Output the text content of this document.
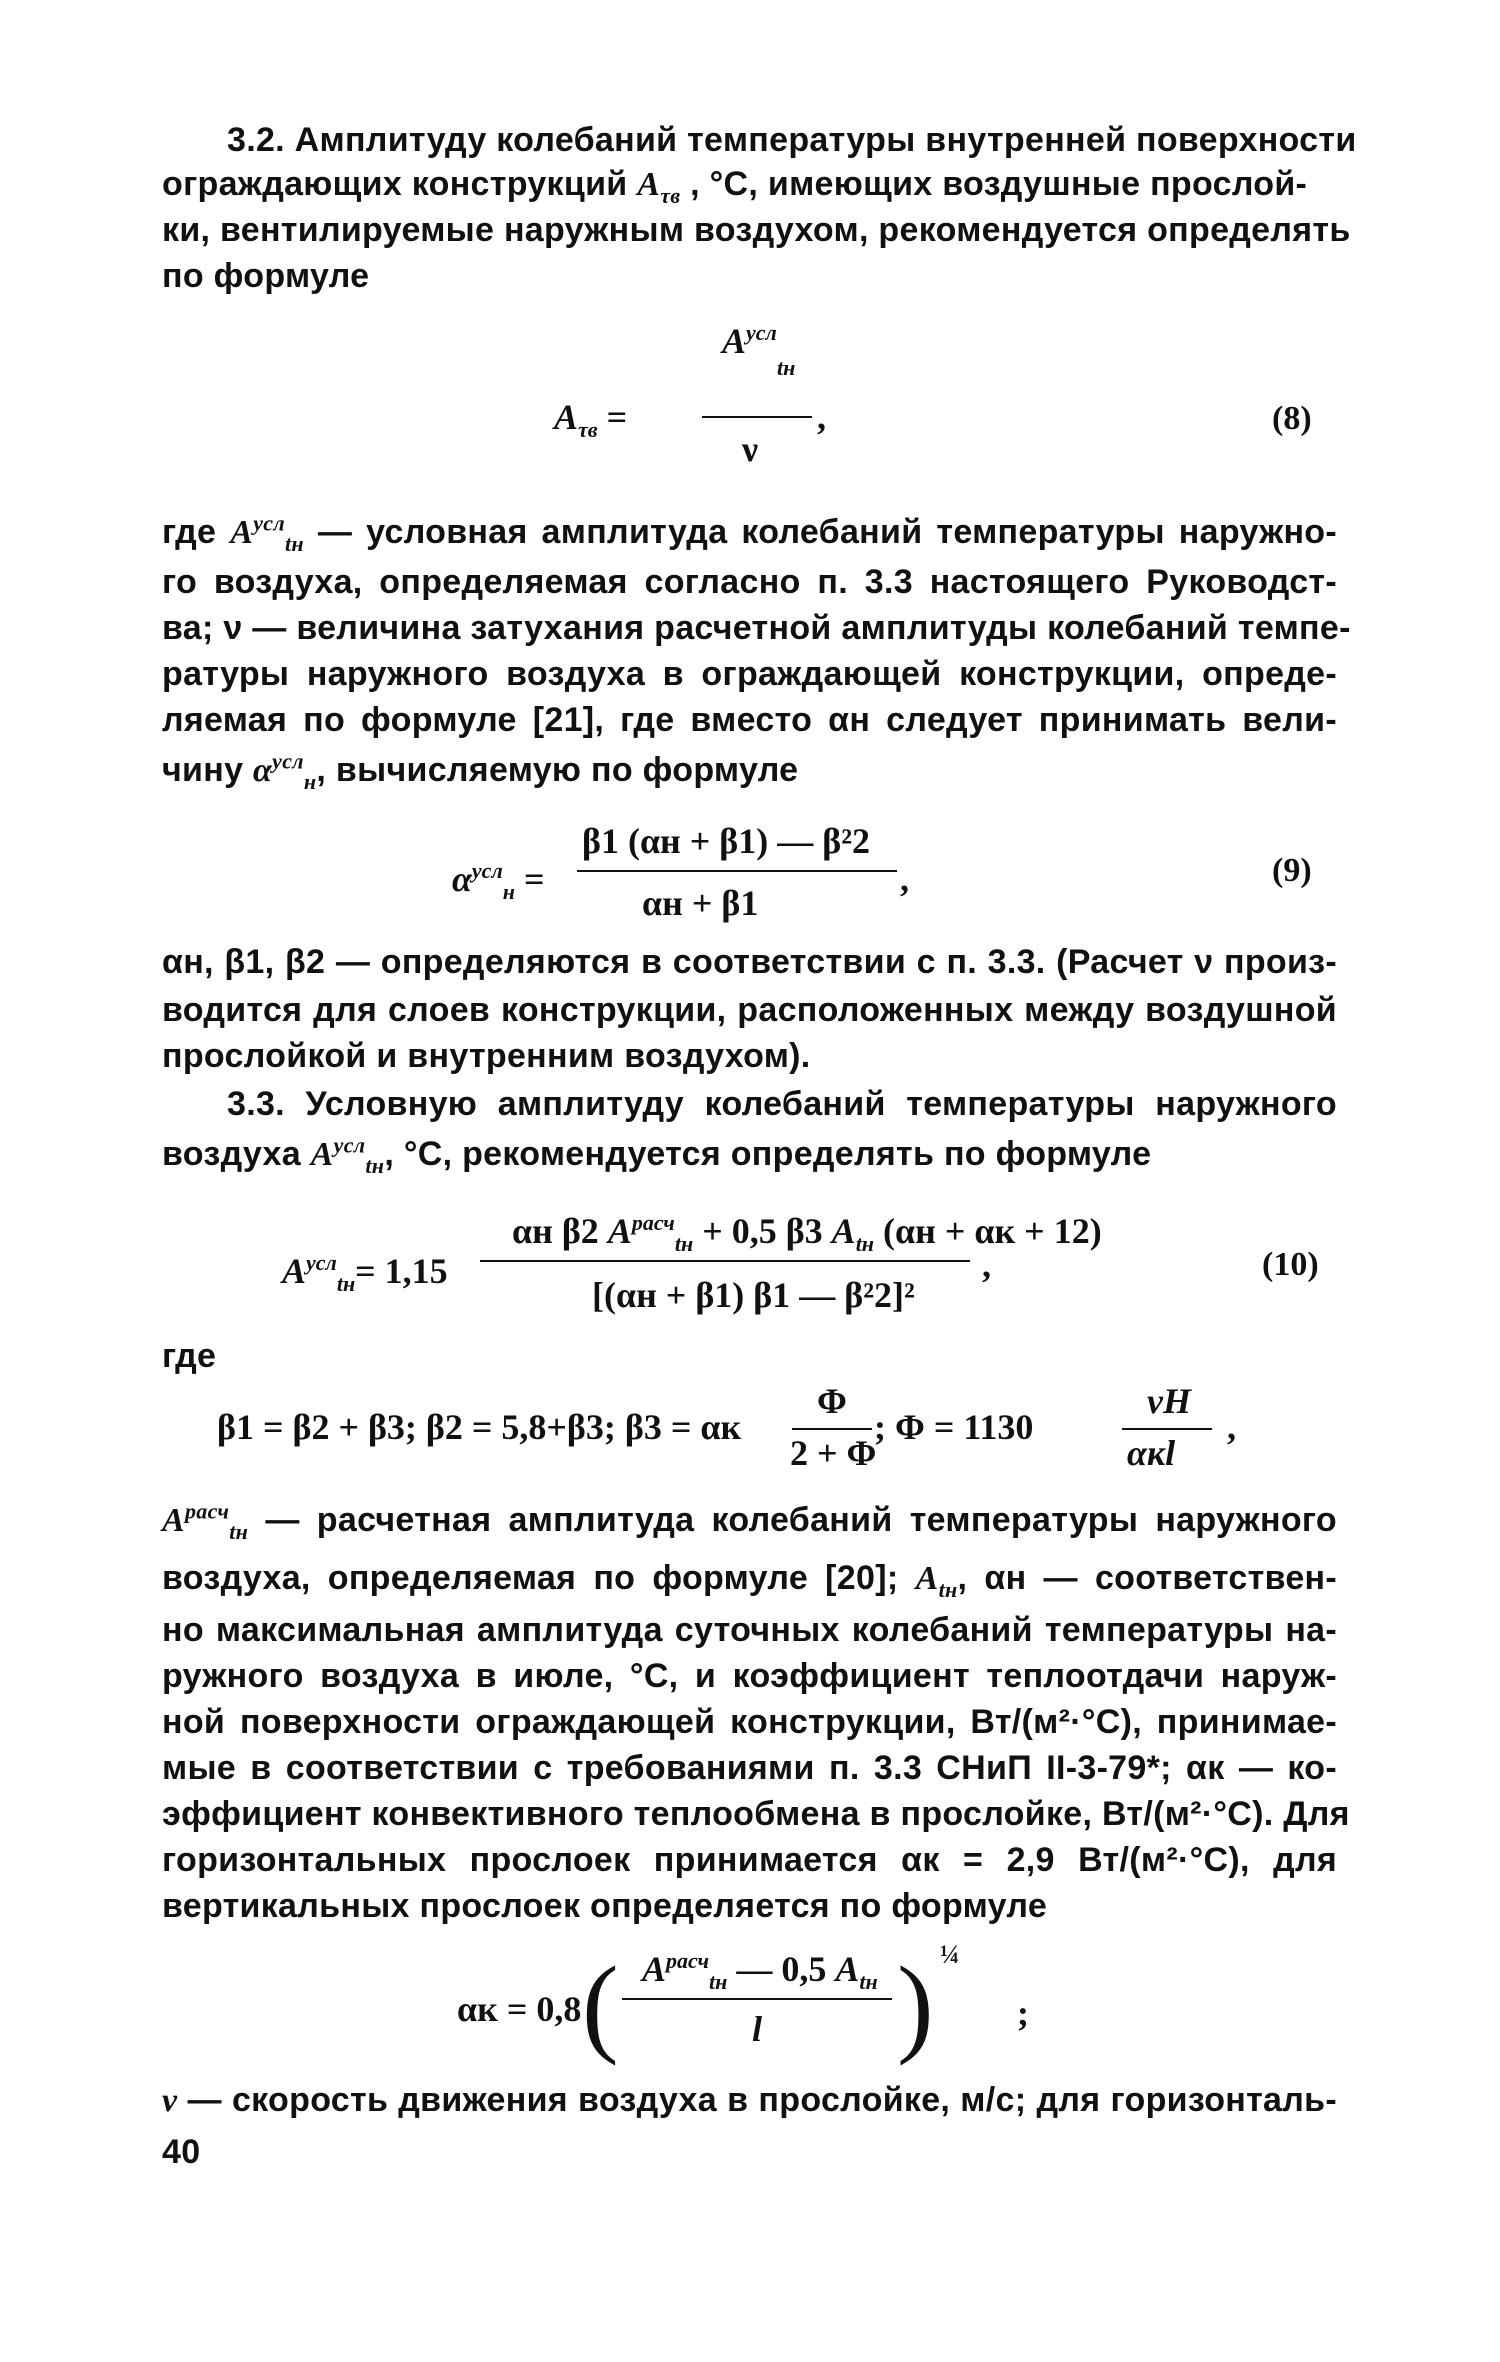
3.2. Амплитуду колебаний температуры внутренней поверхности
ограждающих конструкций $A_{\tau в}$ , °С, имеющих воздушные прослой-
ки, вентилируемые наружным воздухом, рекомендуется определять
по формуле
$A^{усл}$
tн
$A_{\tau в}$ =	,
ν
(8)
где $A^{усл}_{tн}$ — условная амплитуда колебаний температуры наружно-
го воздуха, определяемая согласно п. 3.3 настоящего Руководст-
ва; ν — величина затухания расчетной амплитуды колебаний темпе-
ратуры наружного воздуха в ограждающей конструкции, опреде-
ляемая по формуле [21], где вместо αн следует принимать вели-
чину $\alpha^{усл}_н$, вычисляемую по формуле
$\alpha^{усл}_н$ =
β1 (αн + β1) — β²2
,
αн + β1
(9)
αн, β1, β2 — определяются в соответствии с п. 3.3. (Расчет ν произ-
водится для слоев конструкции, расположенных между воздушной
прослойкой и внутренним воздухом).
3.3. Условную амплитуду колебаний температуры наружного
воздуха $A^{усл}_{tн}$, °С, рекомендуется определять по формуле
$A^{усл}_{tн}= 1,15$
αн β2 $A^{расч}_{tн} + 0,5$ β3 $A_{tн}$ (αн + αк + 12)
[(αн + β1) β1 — β²2]²
,	(10)
где
β1 = β2 + β3; β2 = 5,8+β3; β3 = αк
Φ
2 + Φ
; Φ = 1130
vH
αкl
,
$A^{расч}_{tн}$ — расчетная амплитуда колебаний температуры наружного
воздуха, определяемая по формуле [20]; $A_{tн}$, αн — соответствен-
но максимальная амплитуда суточных колебаний температуры на-
ружного воздуха в июле, °С, и коэффициент теплоотдачи наруж-
ной поверхности ограждающей конструкции, Вт/(м²·°С), принимае-
мые в соответствии с требованиями п. 3.3 СНиП II-3-79*; αк — ко-
эффициент конвективного теплообмена в прослойке, Вт/(м²·°С). Для
горизонтальных прослоек принимается αк = 2,9 Вт/(м²·°С), для
вертикальных прослоек определяется по формуле
αк = 0,8 ( $A^{расч}_{tн}$ — 0,5 $A_{tн}$
l ) ¼
;
v — скорость движения воздуха в прослойке, м/с; для горизонталь-
40
